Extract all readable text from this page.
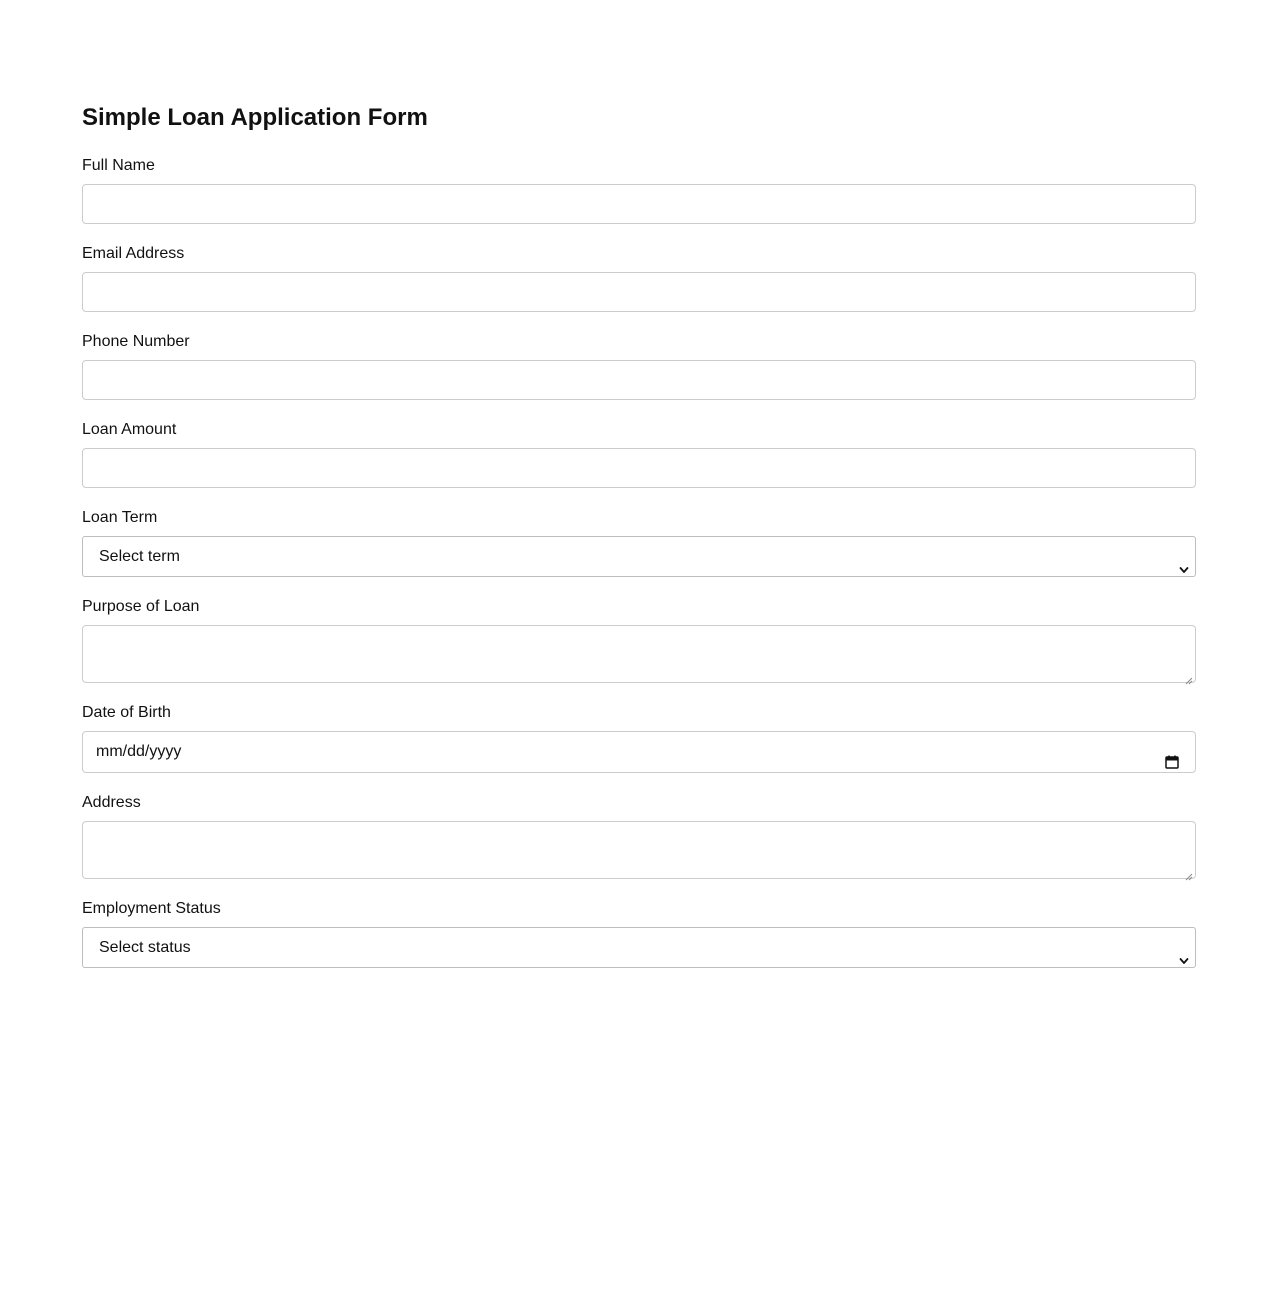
Simple Loan Application Form
Full Name
Email Address
Phone Number
Loan Amount
Loan Term
Select term
Purpose of Loan
Date of Birth
mm/dd/yyyy
Address
Employment Status
Select status
